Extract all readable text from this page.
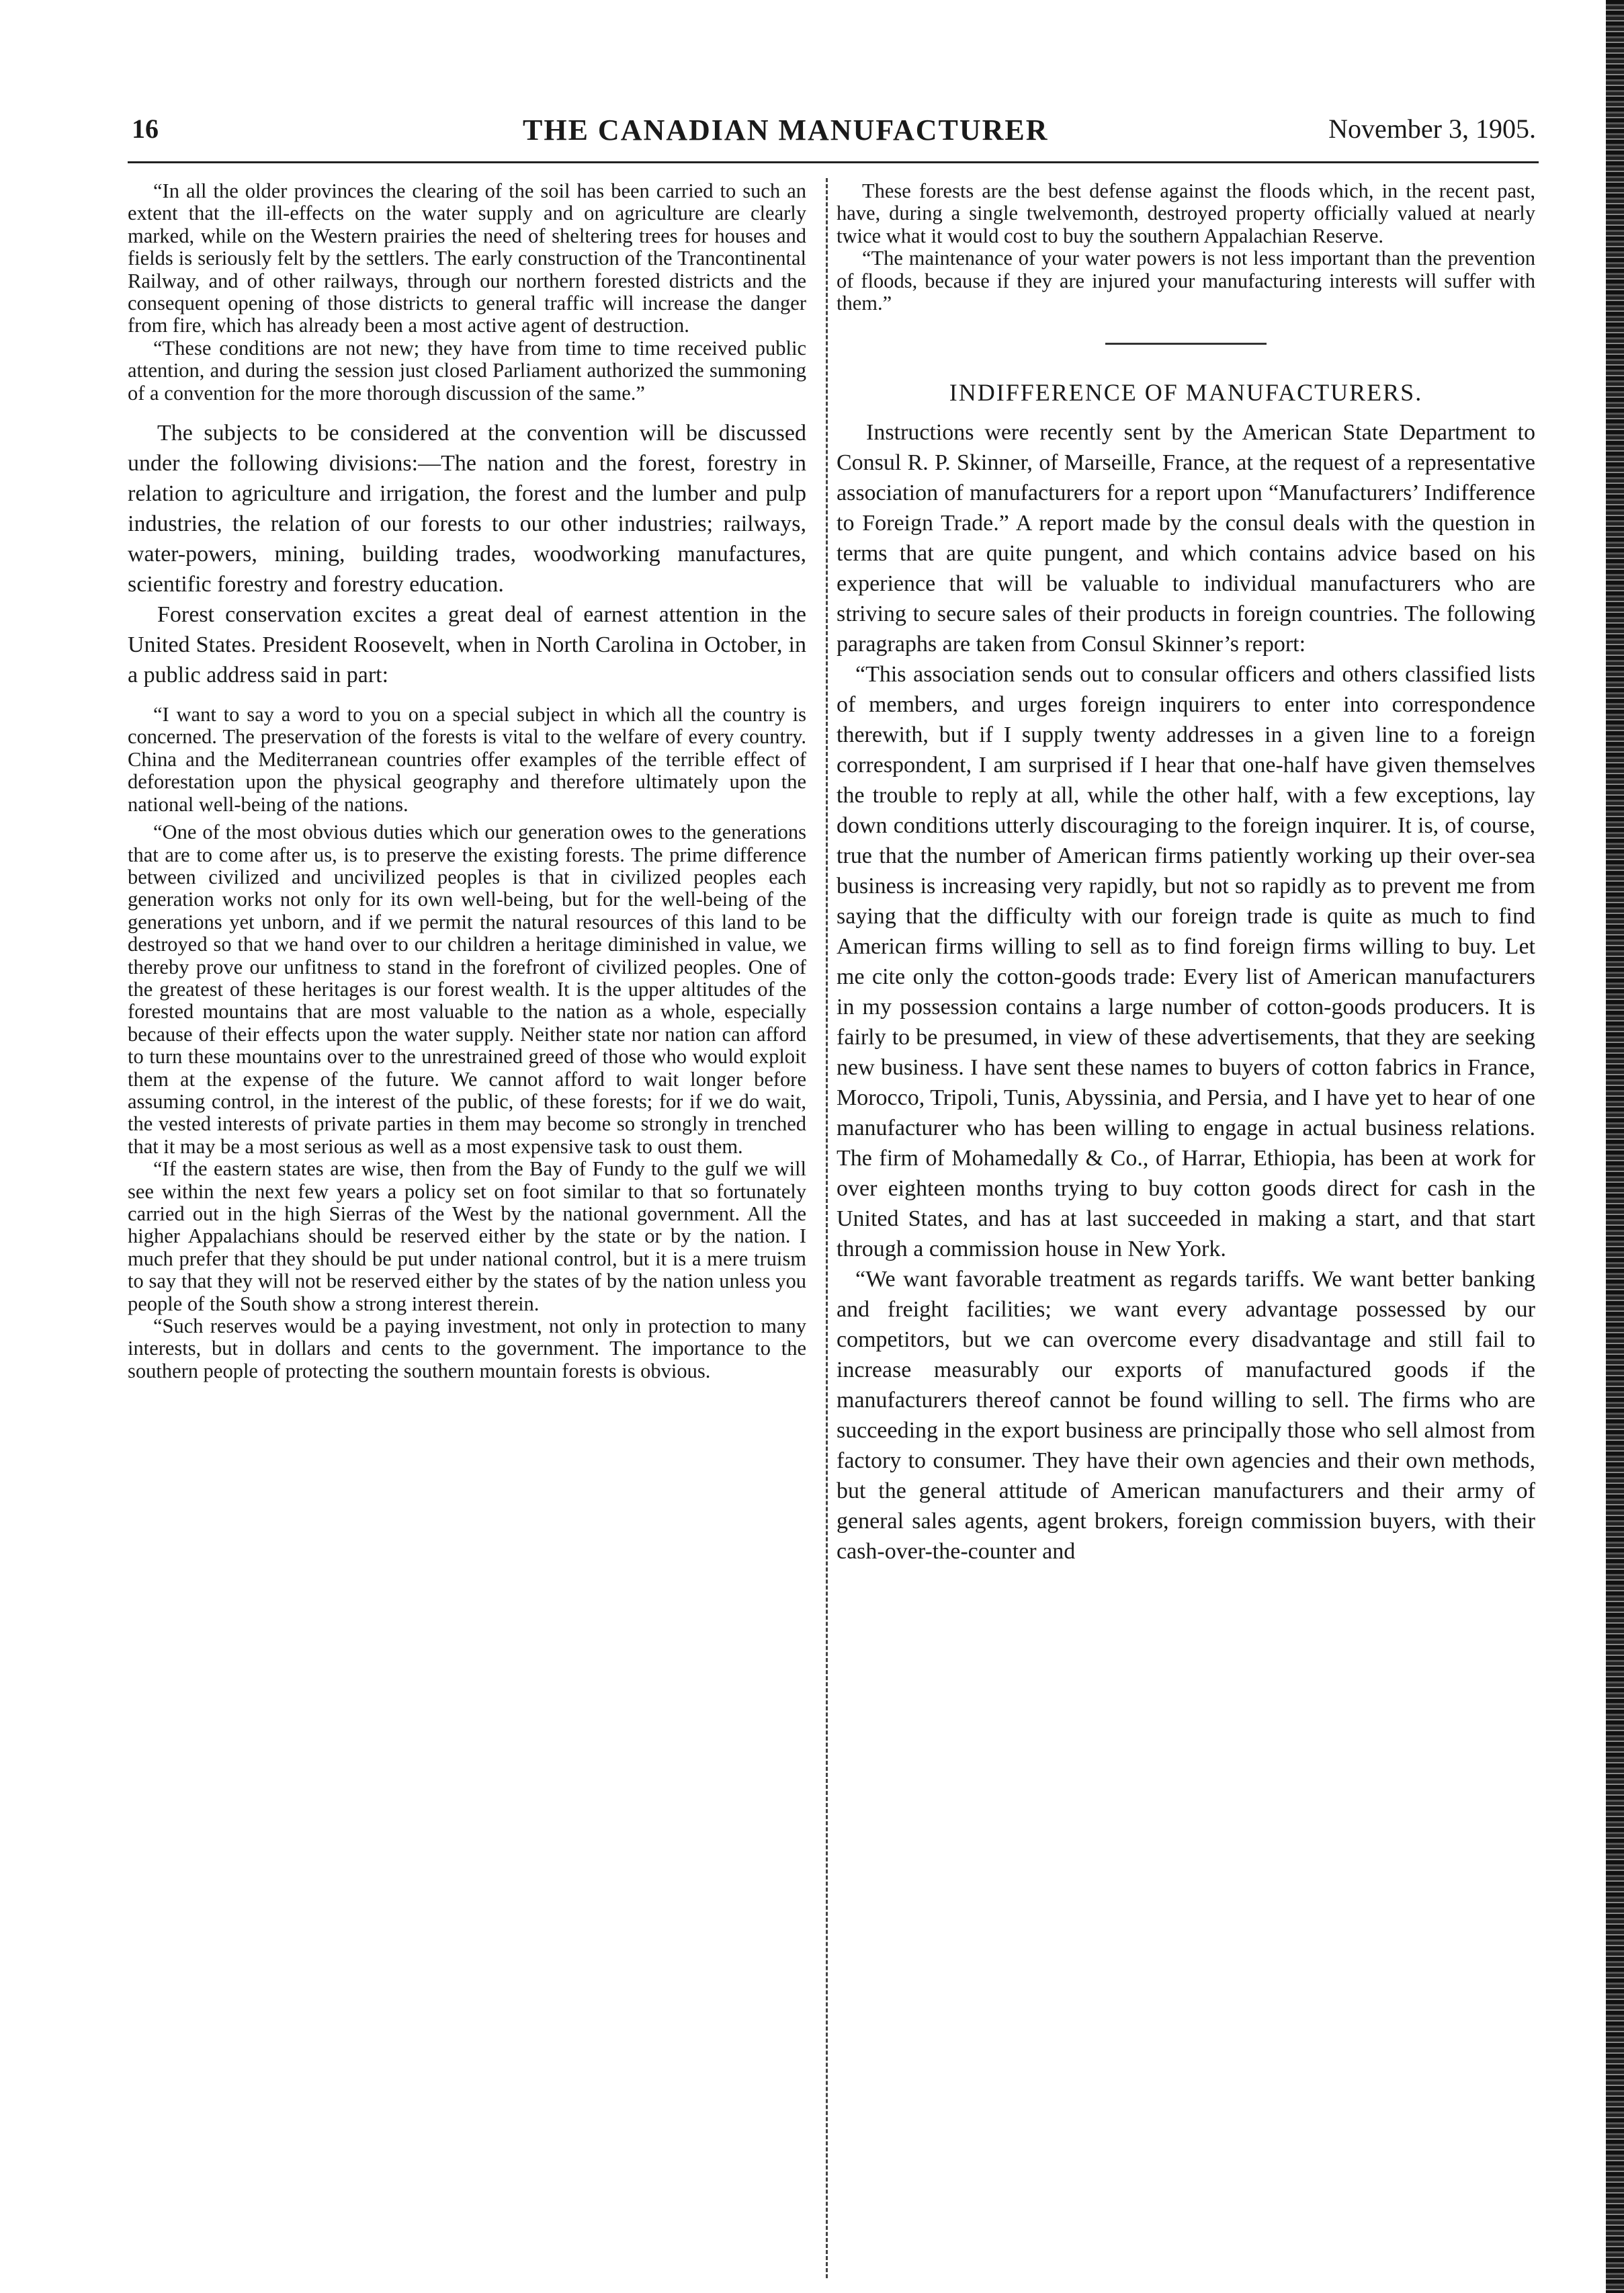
16	THE CANADIAN MANUFACTURER	November 3, 1905.

“In all the older provinces the clearing of the soil has been carried to such an extent that the ill-effects on the water supply and on agriculture are clearly marked, while on the Western prairies the need of sheltering trees for houses and fields is seriously felt by the settlers. The early construction of the Trancontinental Railway, and of other railways, through our northern forested districts and the consequent opening of those districts to general traffic will increase the danger from fire, which has already been a most active agent of destruction.

“These conditions are not new; they have from time to time received public attention, and during the session just closed Parliament authorized the summoning of a convention for the more thorough discussion of the same.”

The subjects to be considered at the convention will be discussed under the following divisions:—The nation and the forest, forestry in relation to agriculture and irrigation, the forest and the lumber and pulp industries, the relation of our forests to our other industries; railways, water-powers, mining, building trades, woodworking manufactures, scientific forestry and forestry education.

Forest conservation excites a great deal of earnest attention in the United States. President Roosevelt, when in North Carolina in October, in a public address said in part:

“I want to say a word to you on a special subject in which all the country is concerned. The preservation of the forests is vital to the welfare of every country. China and the Mediterranean countries offer examples of the terrible effect of deforestation upon the physical geography and therefore ultimately upon the national well-being of the nations.

“One of the most obvious duties which our generation owes to the generations that are to come after us, is to preserve the existing forests. The prime difference between civilized and uncivilized peoples is that in civilized peoples each generation works not only for its own well-being, but for the well-being of the generations yet unborn, and if we permit the natural resources of this land to be destroyed so that we hand over to our children a heritage diminished in value, we thereby prove our unfitness to stand in the forefront of civilized peoples. One of the greatest of these heritages is our forest wealth. It is the upper altitudes of the forested mountains that are most valuable to the nation as a whole, especially because of their effects upon the water supply. Neither state nor nation can afford to turn these mountains over to the unrestrained greed of those who would exploit them at the expense of the future. We cannot afford to wait longer before assuming control, in the interest of the public, of these forests; for if we do wait, the vested interests of private parties in them may become so strongly in trenched that it may be a most serious as well as a most expensive task to oust them.

“If the eastern states are wise, then from the Bay of Fundy to the gulf we will see within the next few years a policy set on foot similar to that so fortunately carried out in the high Sierras of the West by the national government. All the higher Appalachians should be reserved either by the state or by the nation. I much prefer that they should be put under national control, but it is a mere truism to say that they will not be reserved either by the states of by the nation unless you people of the South show a strong interest therein.

“Such reserves would be a paying investment, not only in protection to many interests, but in dollars and cents to the government. The importance to the southern people of protecting the southern mountain forests is obvious.

These forests are the best defense against the floods which, in the recent past, have, during a single twelvemonth, destroyed property officially valued at nearly twice what it would cost to buy the southern Appalachian Reserve.

“The maintenance of your water powers is not less important than the prevention of floods, because if they are injured your manufacturing interests will suffer with them.”

INDIFFERENCE OF MANUFACTURERS.

Instructions were recently sent by the American State Department to Consul R. P. Skinner, of Marseille, France, at the request of a representative association of manufacturers for a report upon “Manufacturers’ Indifference to Foreign Trade.” A report made by the consul deals with the question in terms that are quite pungent, and which contains advice based on his experience that will be valuable to individual manufacturers who are striving to secure sales of their products in foreign countries. The following paragraphs are taken from Consul Skinner’s report:

“This association sends out to consular officers and others classified lists of members, and urges foreign inquirers to enter into correspondence therewith, but if I supply twenty addresses in a given line to a foreign correspondent, I am surprised if I hear that one-half have given themselves the trouble to reply at all, while the other half, with a few exceptions, lay down conditions utterly discouraging to the foreign inquirer. It is, of course, true that the number of American firms patiently working up their over-sea business is increasing very rapidly, but not so rapidly as to prevent me from saying that the difficulty with our foreign trade is quite as much to find American firms willing to sell as to find foreign firms willing to buy. Let me cite only the cotton-goods trade: Every list of American manufacturers in my possession contains a large number of cotton-goods producers. It is fairly to be presumed, in view of these advertisements, that they are seeking new business. I have sent these names to buyers of cotton fabrics in France, Morocco, Tripoli, Tunis, Abyssinia, and Persia, and I have yet to hear of one manufacturer who has been willing to engage in actual business relations. The firm of Mohamedally & Co., of Harrar, Ethiopia, has been at work for over eighteen months trying to buy cotton goods direct for cash in the United States, and has at last succeeded in making a start, and that start through a commission house in New York.

“We want favorable treatment as regards tariffs. We want better banking and freight facilities; we want every advantage possessed by our competitors, but we can overcome every disadvantage and still fail to increase measurably our exports of manufactured goods if the manufacturers thereof cannot be found willing to sell. The firms who are succeeding in the export business are principally those who sell almost from factory to consumer. They have their own agencies and their own methods, but the general attitude of American manufacturers and their army of general sales agents, agent brokers, foreign commission buyers, with their cash-over-the-counter and
